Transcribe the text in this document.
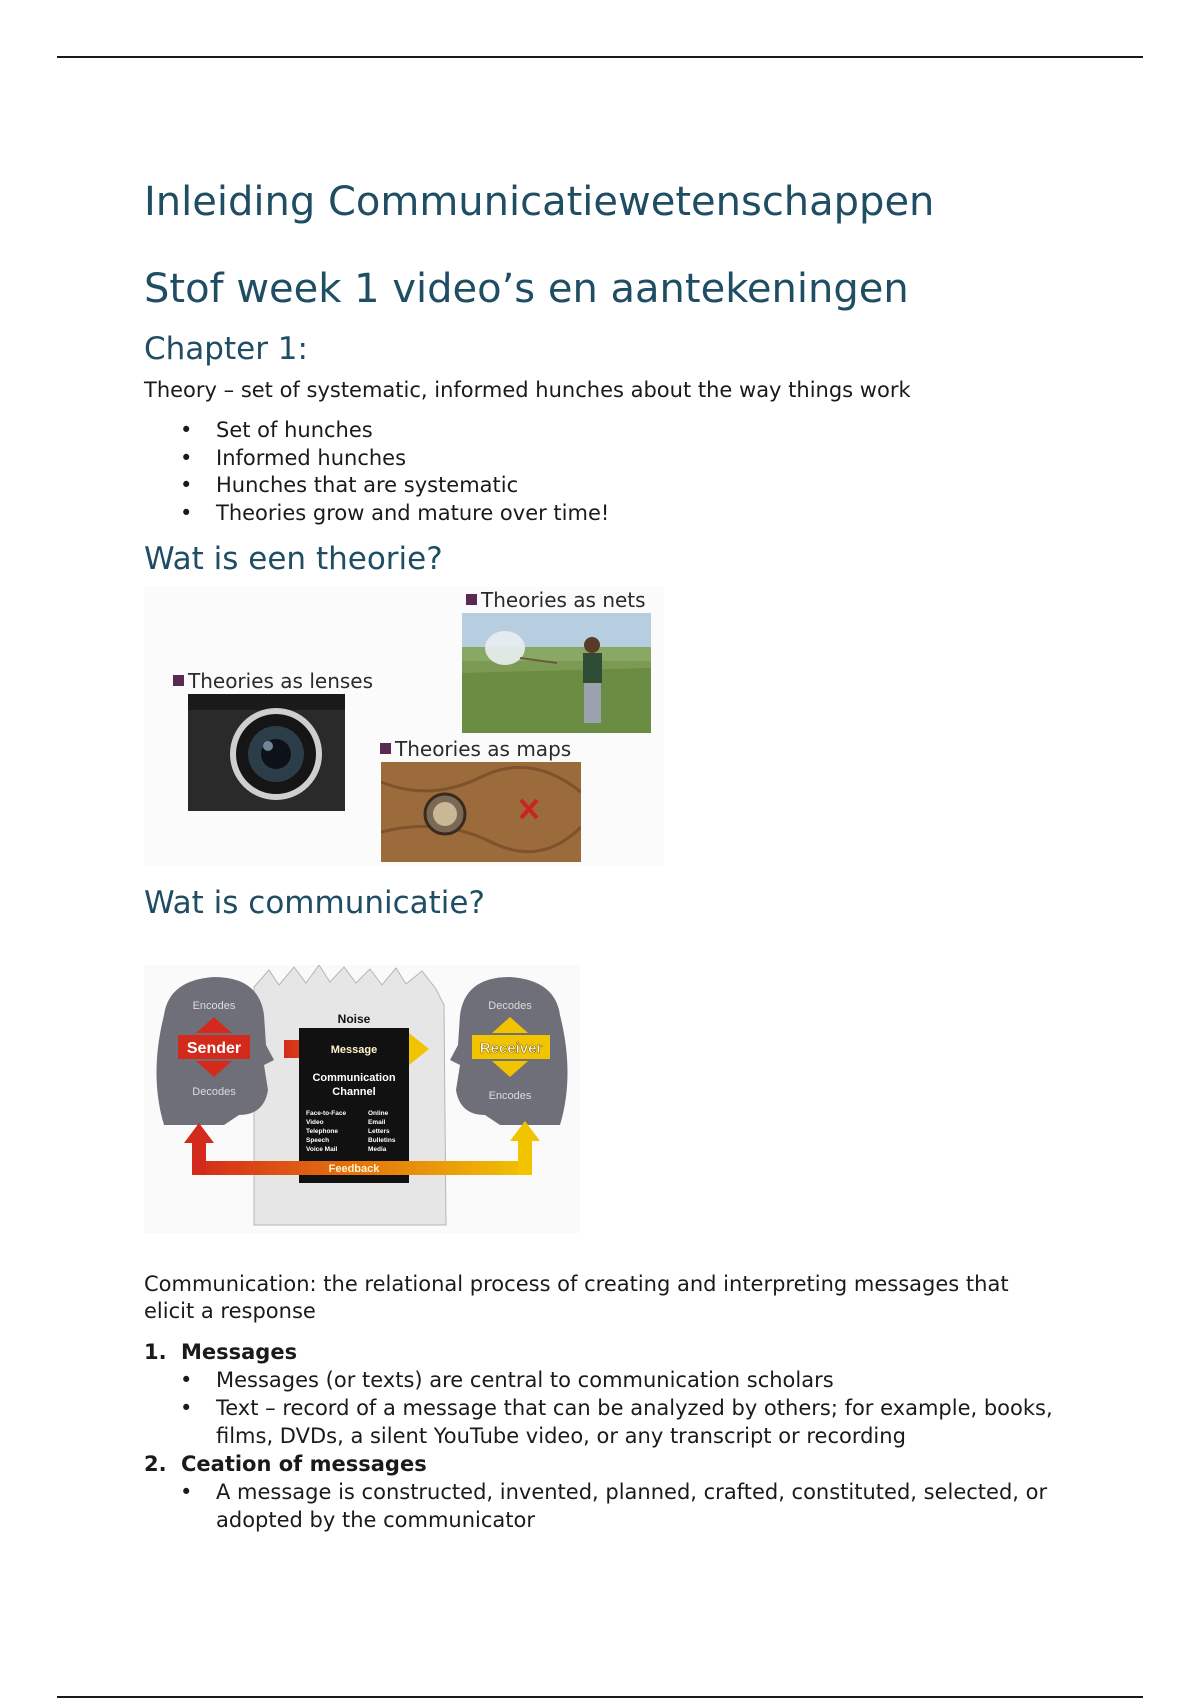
Inleiding Communicatiewetenschappen
Stof week 1 video’s en aantekeningen
Chapter 1:

Theory – set of systematic, informed hunches about the way things work

• Set of hunches
• Informed hunches
• Hunches that are systematic
• Theories grow and mature over time!
Wat is een theorie?
Theories as nets
Theories as lenses
Theories as maps
Wat is communicatie?
Noise
Encodes
Sender
Decodes
Decodes
Receiver
Encodes
Message
Communication
Channel
Face-to-Face
Video
Telephone
Speech
Voice Mail
Online
Email
Letters
Bulletins
Media
Feedback

Communication: the relational process of creating and interpreting messages that elicit a response

1. Messages
• Messages (or texts) are central to communication scholars
• Text – record of a message that can be analyzed by others; for example, books, films, DVDs, a silent YouTube video, or any transcript or recording
2. Ceation of messages
• A message is constructed, invented, planned, crafted, constituted, selected, or adopted by the communicator
